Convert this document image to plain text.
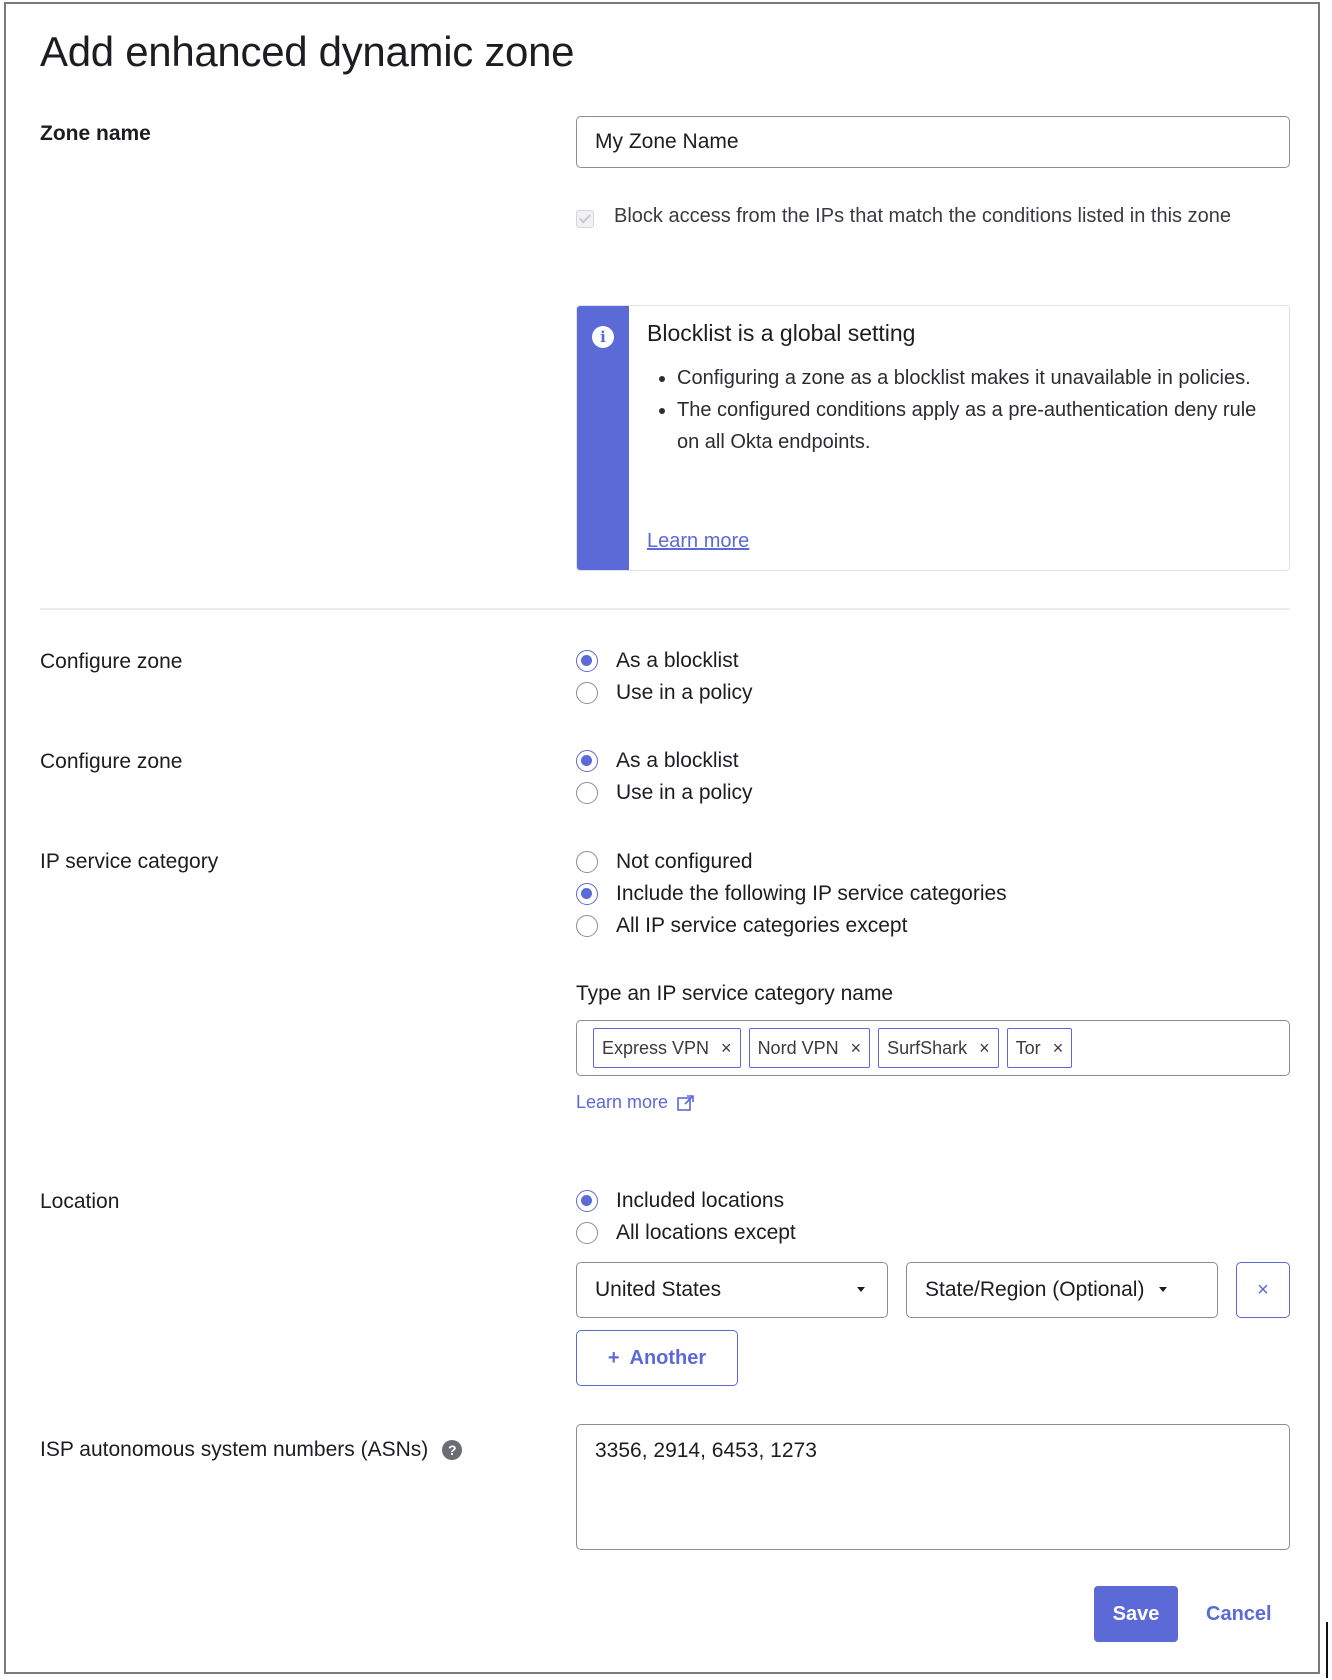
Add enhanced dynamic zone
Zone name
My Zone Name
Block access from the IPs that match the conditions listed in this zone
i	Blocklist is a global setting
• Configuring a zone as a blocklist makes it unavailable in policies.
• The configured conditions apply as a pre-authentication deny rule on all Okta endpoints.
Learn more
Configure zone	As a blocklist
Use in a policy
Configure zone	As a blocklist
Use in a policy
IP service category	Not configured
Include the following IP service categories
All IP service categories except
Type an IP service category name
Express VPN × Nord VPN × SurfShark × Tor ×
Learn more
Location	Included locations
All locations except
United States	State/Region (Optional)	×
+ Another
ISP autonomous system numbers (ASNs) ?
3356, 2914, 6453, 1273
Save	Cancel
